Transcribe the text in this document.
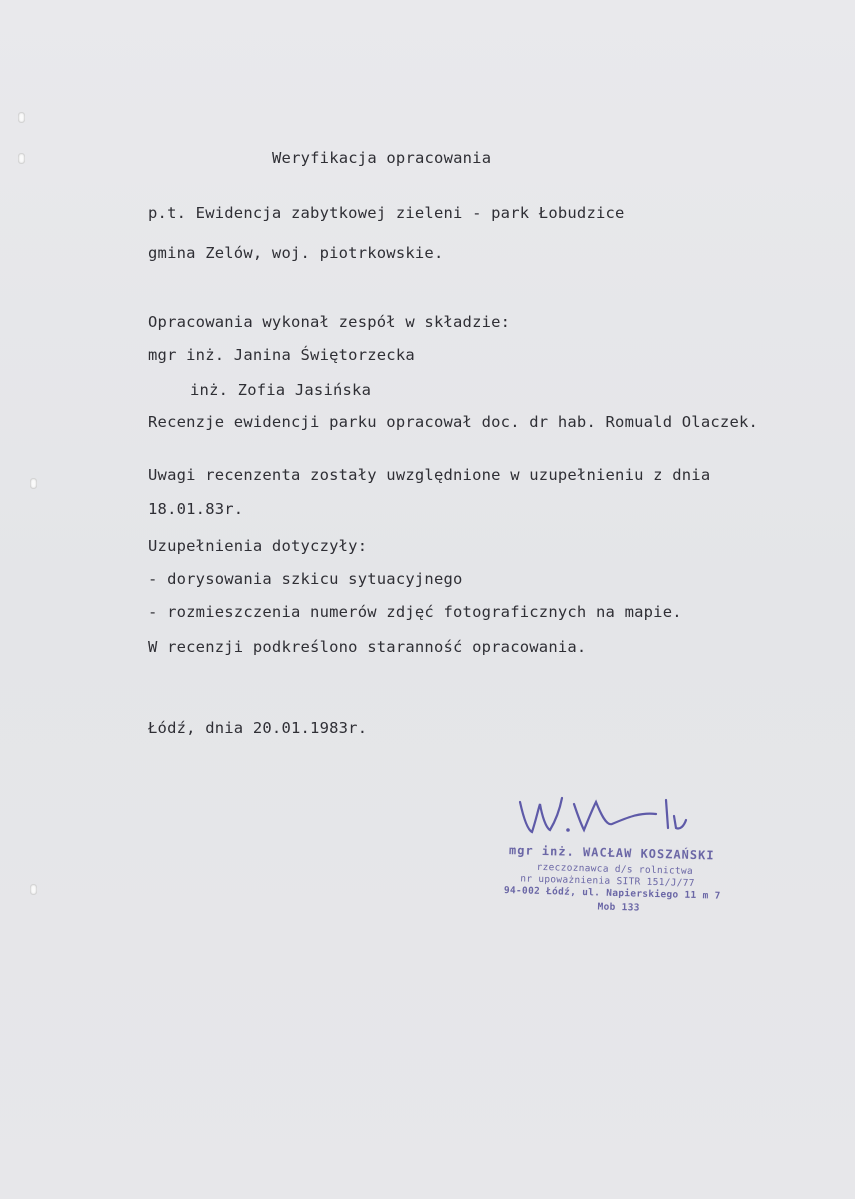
Weryfikacja opracowania
p.t. Ewidencja zabytkowej zieleni - park Łobudzice
gmina Zelów, woj. piotrkowskie.
Opracowania wykonał zespół w składzie:
mgr inż. Janina Świętorzecka
inż. Zofia Jasińska
Recenzje ewidencji parku opracował doc. dr hab. Romuald Olaczek.
Uwagi recenzenta zostały uwzględnione w uzupełnieniu z dnia
18.01.83r.
Uzupełnienia dotyczyły:
- dorysowania szkicu sytuacyjnego
- rozmieszczenia numerów zdjęć fotograficznych na mapie.
W recenzji podkreślono staranność opracowania.
Łódź, dnia 20.01.1983r.
mgr inż. WACŁAW KOSZAŃSKI
rzeczoznawca d/s rolnictwa
nr upoważnienia SITR 151/J/77
94-002 Łódź, ul. Napierskiego 11 m 7
Mob 133
